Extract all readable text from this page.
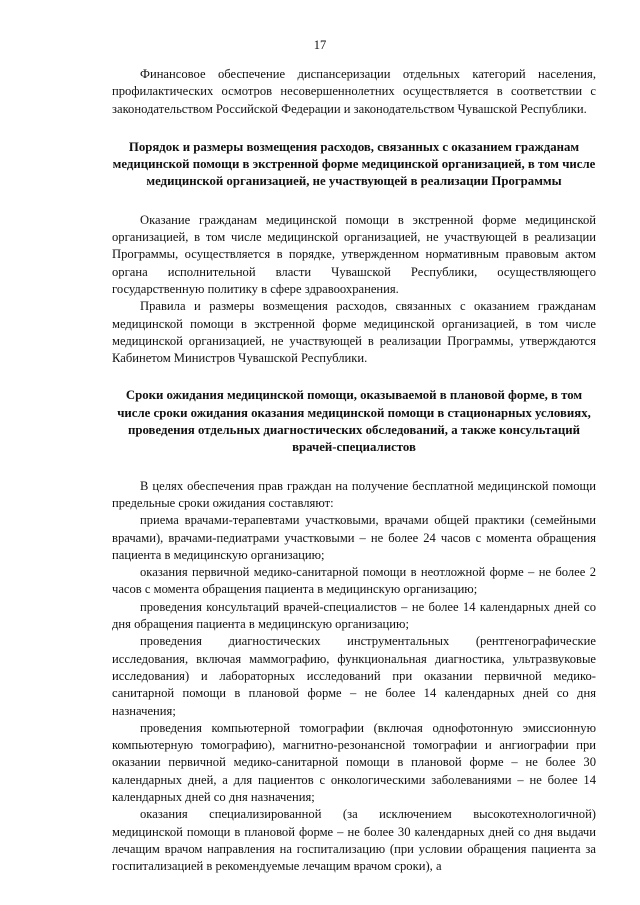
17

Финансовое обеспечение диспансеризации отдельных категорий населения, профилактических осмотров несовершеннолетних осуществляется в соответствии с законодательством Российской Федерации и законодательством Чувашской Республики.

Порядок и размеры возмещения расходов, связанных с оказанием гражданам медицинской помощи в экстренной форме медицинской организацией, в том числе медицинской организацией, не участвующей в реализации Программы

Оказание гражданам медицинской помощи в экстренной форме медицинской организацией, в том числе медицинской организацией, не участвующей в реализации Программы, осуществляется в порядке, утвержденном нормативным правовым актом органа исполнительной власти Чувашской Республики, осуществляющего государственную политику в сфере здравоохранения.

Правила и размеры возмещения расходов, связанных с оказанием гражданам медицинской помощи в экстренной форме медицинской организацией, в том числе медицинской организацией, не участвующей в реализации Программы, утверждаются Кабинетом Министров Чувашской Республики.

Сроки ожидания медицинской помощи, оказываемой в плановой форме, в том числе сроки ожидания оказания медицинской помощи в стационарных условиях, проведения отдельных диагностических обследований, а также консультаций врачей-специалистов

В целях обеспечения прав граждан на получение бесплатной медицинской помощи предельные сроки ожидания составляют:

приема врачами-терапевтами участковыми, врачами общей практики (семейными врачами), врачами-педиатрами участковыми – не более 24 часов с момента обращения пациента в медицинскую организацию;

оказания первичной медико-санитарной помощи в неотложной форме – не более 2 часов с момента обращения пациента в медицинскую организацию;

проведения консультаций врачей-специалистов – не более 14 календарных дней со дня обращения пациента в медицинскую организацию;

проведения диагностических инструментальных (рентгенографические исследования, включая маммографию, функциональная диагностика, ультразвуковые исследования) и лабораторных исследований при оказании первичной медико-санитарной помощи в плановой форме – не более 14 календарных дней со дня назначения;

проведения компьютерной томографии (включая однофотонную эмиссионную компьютерную томографию), магнитно-резонансной томографии и ангиографии при оказании первичной медико-санитарной помощи в плановой форме – не более 30 календарных дней, а для пациентов с онкологическими заболеваниями – не более 14 календарных дней со дня назначения;

оказания специализированной (за исключением высокотехнологичной) медицинской помощи в плановой форме – не более 30 календарных дней со дня выдачи лечащим врачом направления на госпитализацию (при условии обращения пациента за госпитализацией в рекомендуемые лечащим врачом сроки), а
